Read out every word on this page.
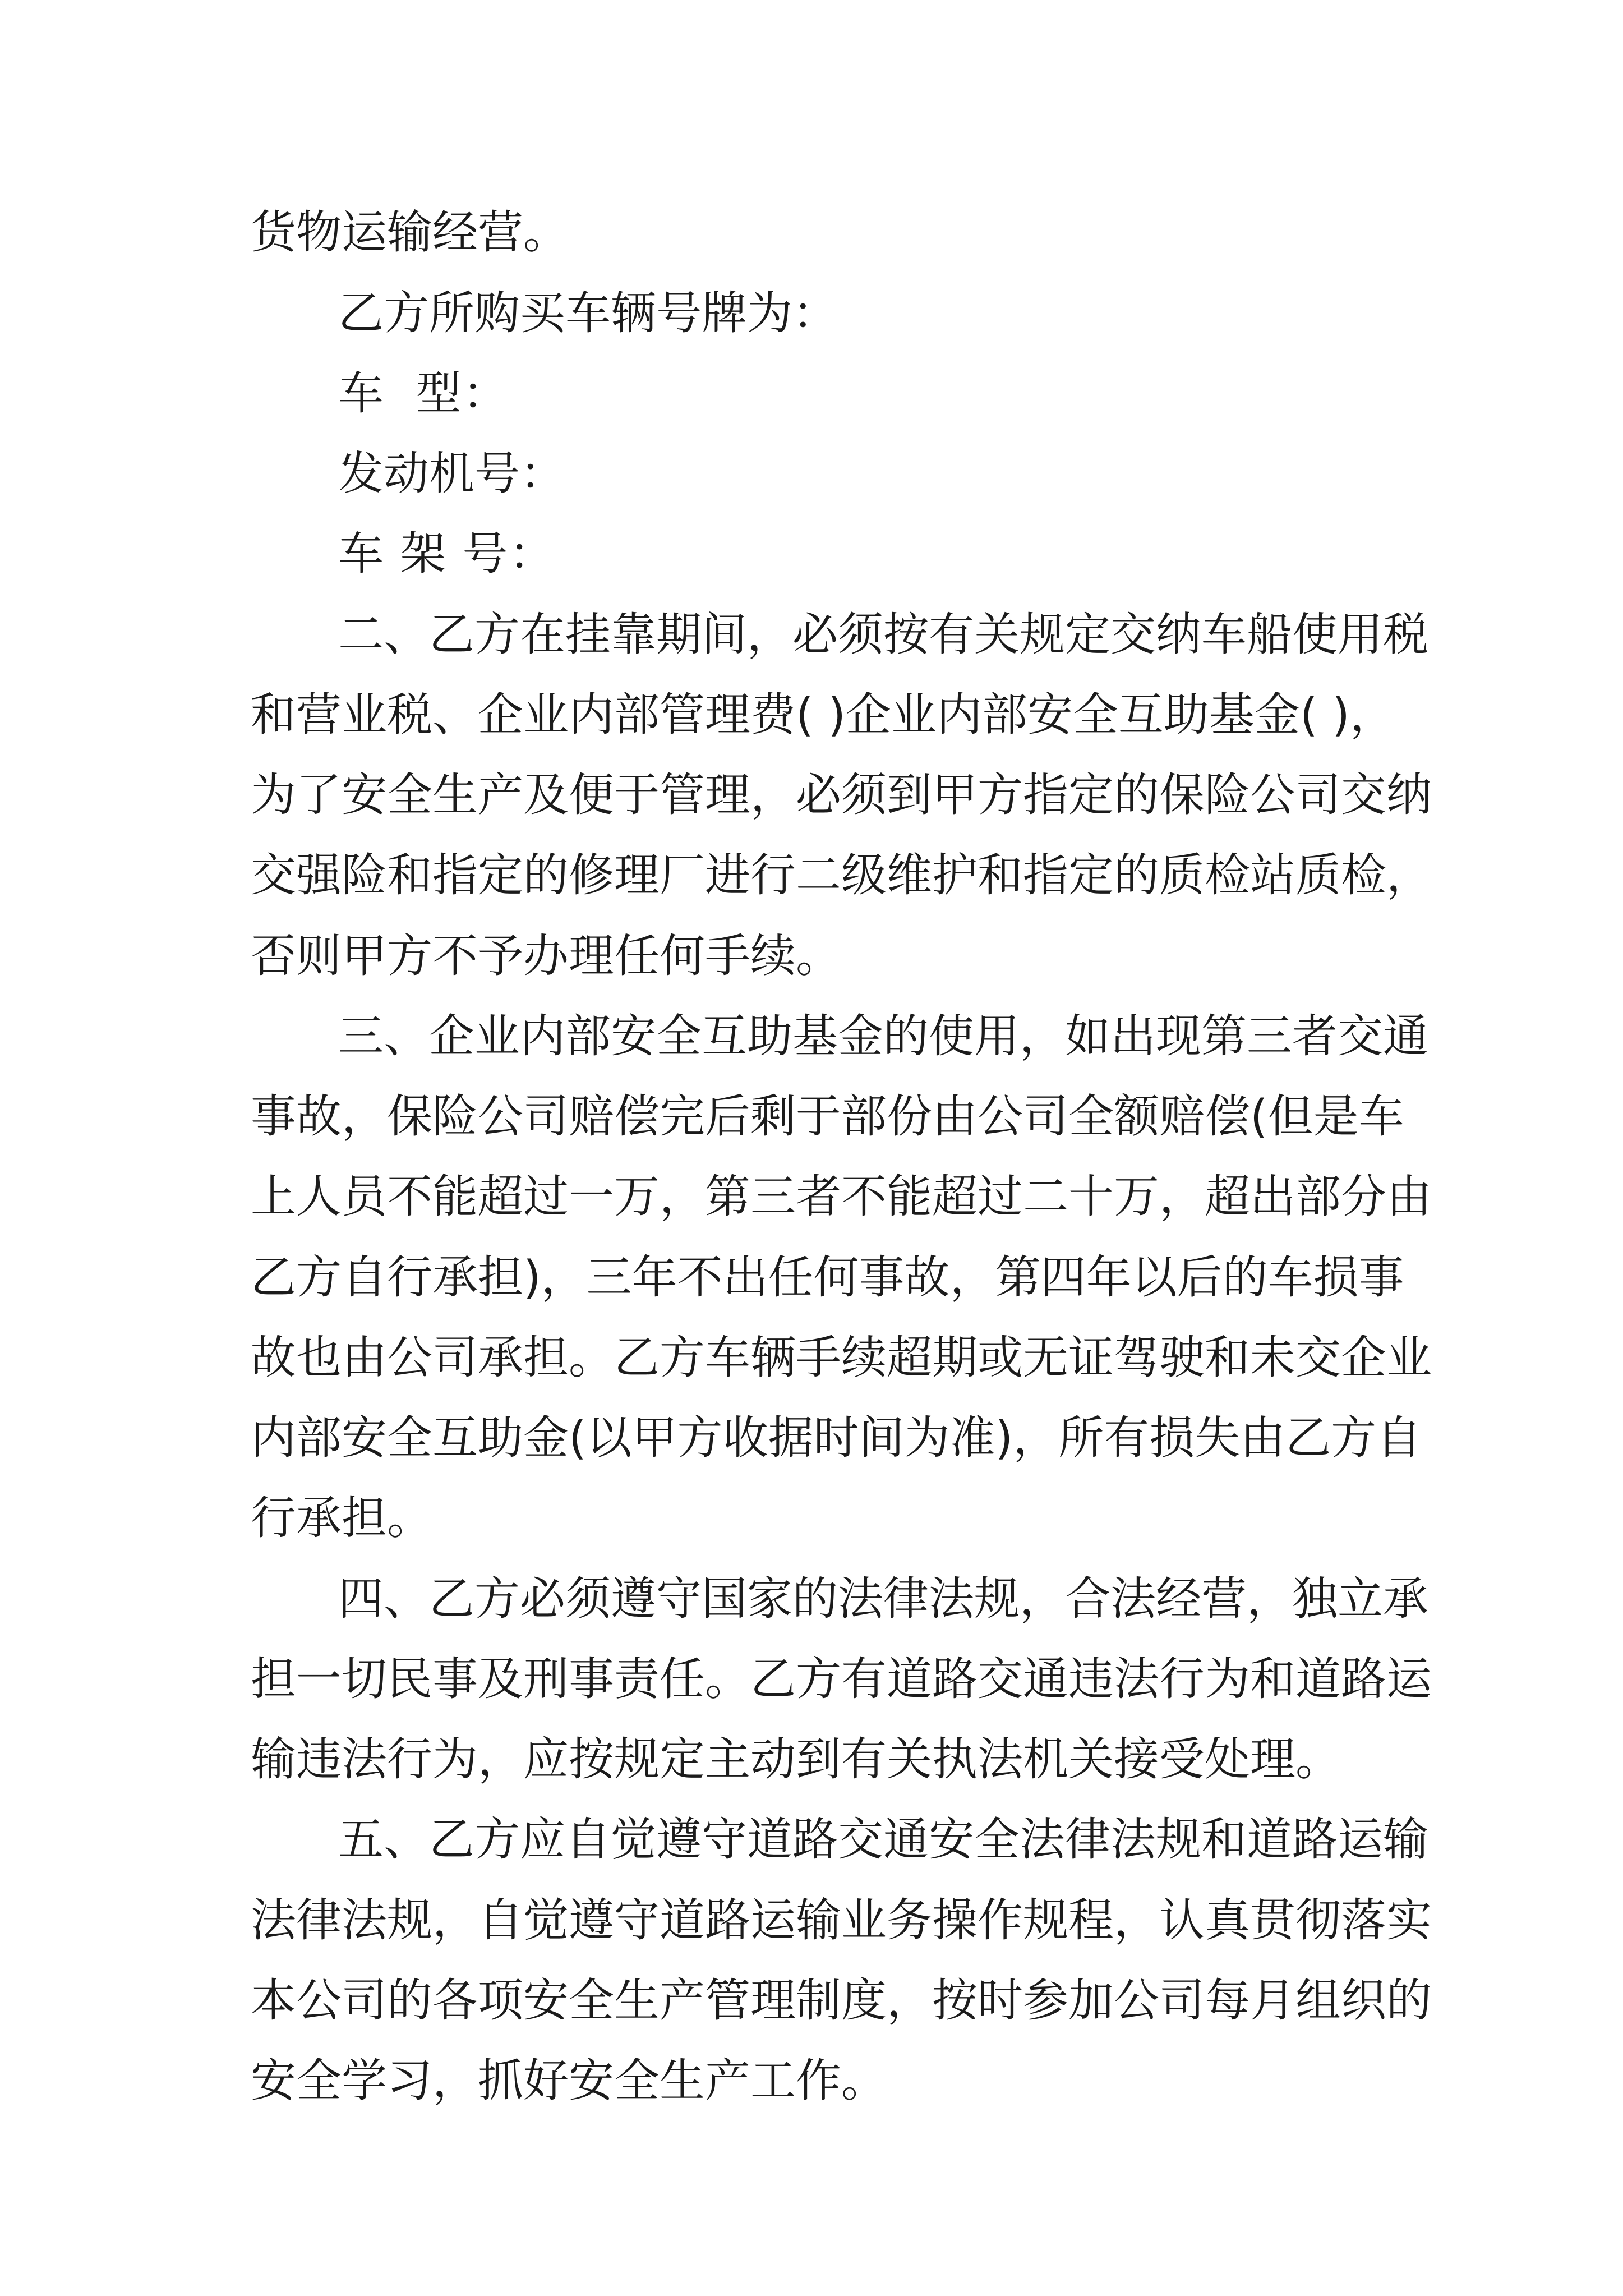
货物运输经营。
乙方所购买车辆号牌为：
车  型：
发动机号：
车 架 号：
二、乙方在挂靠期间，必须按有关规定交纳车船使用税
和营业税、企业内部管理费( )企业内部安全互助基金( )，
为了安全生产及便于管理，必须到甲方指定的保险公司交纳
交强险和指定的修理厂进行二级维护和指定的质检站质检，
否则甲方不予办理任何手续。
三、企业内部安全互助基金的使用，如出现第三者交通
事故，保险公司赔偿完后剩于部份由公司全额赔偿(但是车
上人员不能超过一万，第三者不能超过二十万，超出部分由
乙方自行承担)，三年不出任何事故，第四年以后的车损事
故也由公司承担。乙方车辆手续超期或无证驾驶和未交企业
内部安全互助金(以甲方收据时间为准)，所有损失由乙方自
行承担。
四、乙方必须遵守国家的法律法规，合法经营，独立承
担一切民事及刑事责任。乙方有道路交通违法行为和道路运
输违法行为，应按规定主动到有关执法机关接受处理。
五、乙方应自觉遵守道路交通安全法律法规和道路运输
法律法规，自觉遵守道路运输业务操作规程，认真贯彻落实
本公司的各项安全生产管理制度，按时参加公司每月组织的
安全学习，抓好安全生产工作。
